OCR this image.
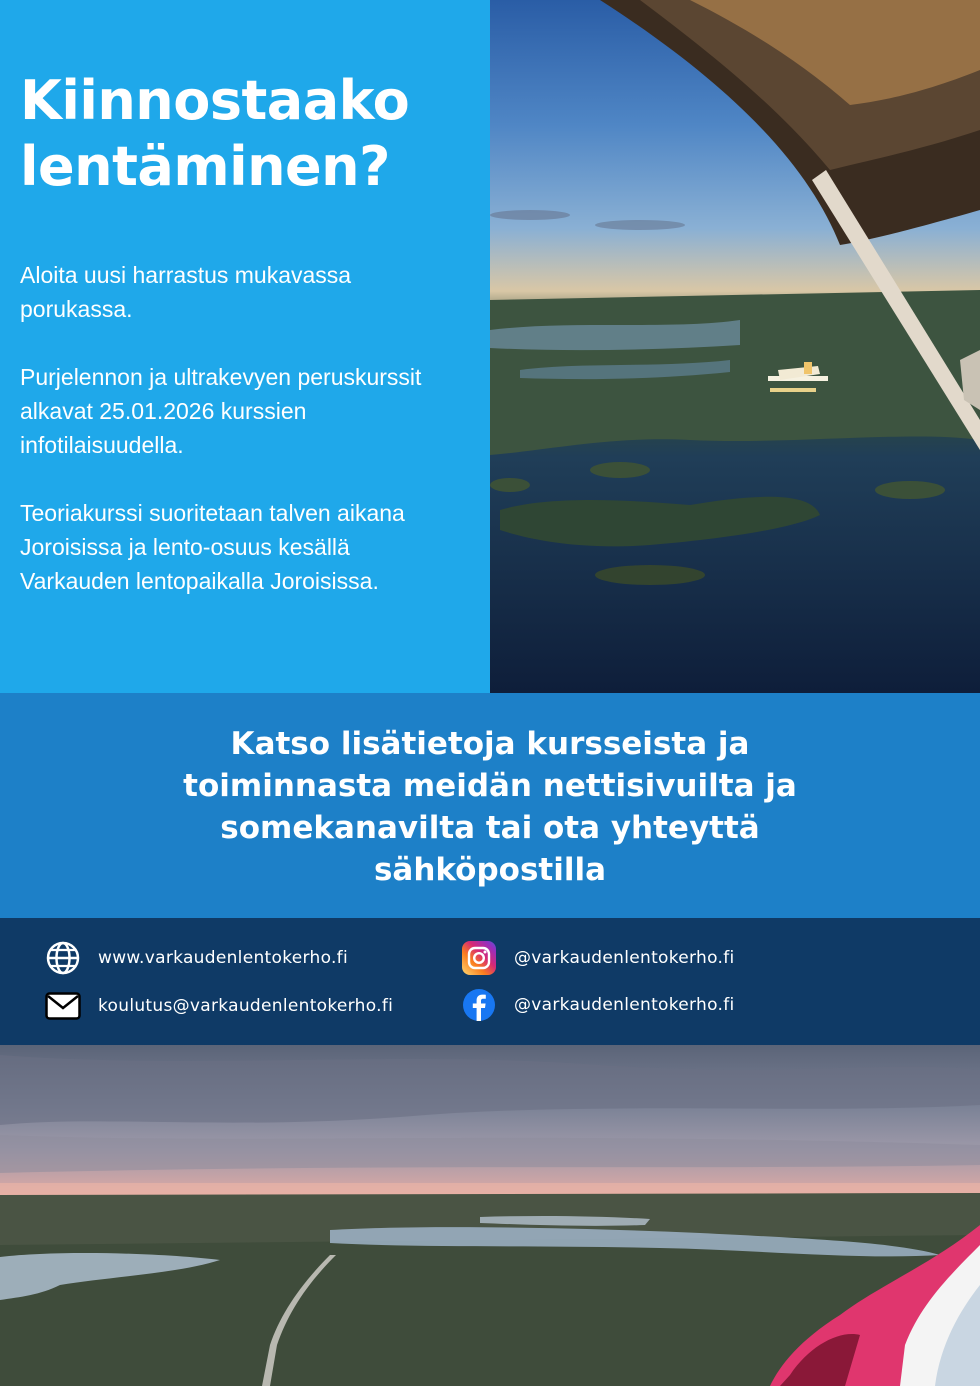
Kiinnostaako
lentäminen?

Aloita uusi harrastus mukavassa porukassa.

Purjelennon ja ultrakevyen peruskurssit alkavat 25.01.2026 kurssien infotilaisuudella.

Teoriakurssi suoritetaan talven aikana Joroisissa ja lento-osuus kesällä Varkauden lentopaikalla Joroisissa.

Katso lisätietoja kursseista ja toiminnasta meidän nettisivuilta ja somekanavilta tai ota yhteyttä sähköpostilla

www.varkaudenlentokerho.fi
koulutus@varkaudenlentokerho.fi
@varkaudenlentokerho.fi
@varkaudenlentokerho.fi
